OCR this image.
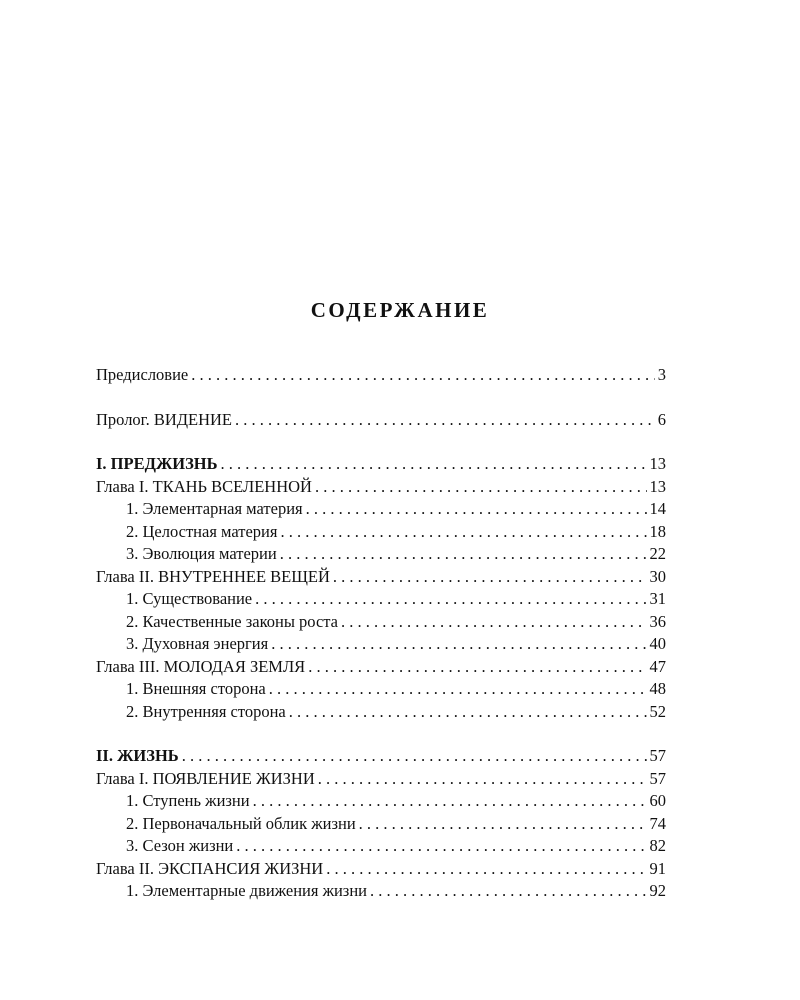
СОДЕРЖАНИЕ
Предисловие . . .	3
Пролог. ВИДЕНИЕ . . .	6
I. ПРЕДЖИЗНЬ . . .	13
Глава I. ТКАНЬ ВСЕЛЕННОЙ . . .	13
1. Элементарная материя . . .	14
2. Целостная материя . . .	18
3. Эволюция материи . . .	22
Глава II. ВНУТРЕННЕЕ ВЕЩЕЙ . . .	30
1. Существование . . .	31
2. Качественные законы роста . . .	36
3. Духовная энергия . . .	40
Глава III. МОЛОДАЯ ЗЕМЛЯ . . .	47
1. Внешняя сторона . . .	48
2. Внутренняя сторона . . .	52
II. ЖИЗНЬ . . .	57
Глава I. ПОЯВЛЕНИЕ ЖИЗНИ . . .	57
1. Ступень жизни . . .	60
2. Первоначальный облик жизни . . .	74
3. Сезон жизни . . .	82
Глава II. ЭКСПАНСИЯ ЖИЗНИ . . .	91
1. Элементарные движения жизни . . .	92
